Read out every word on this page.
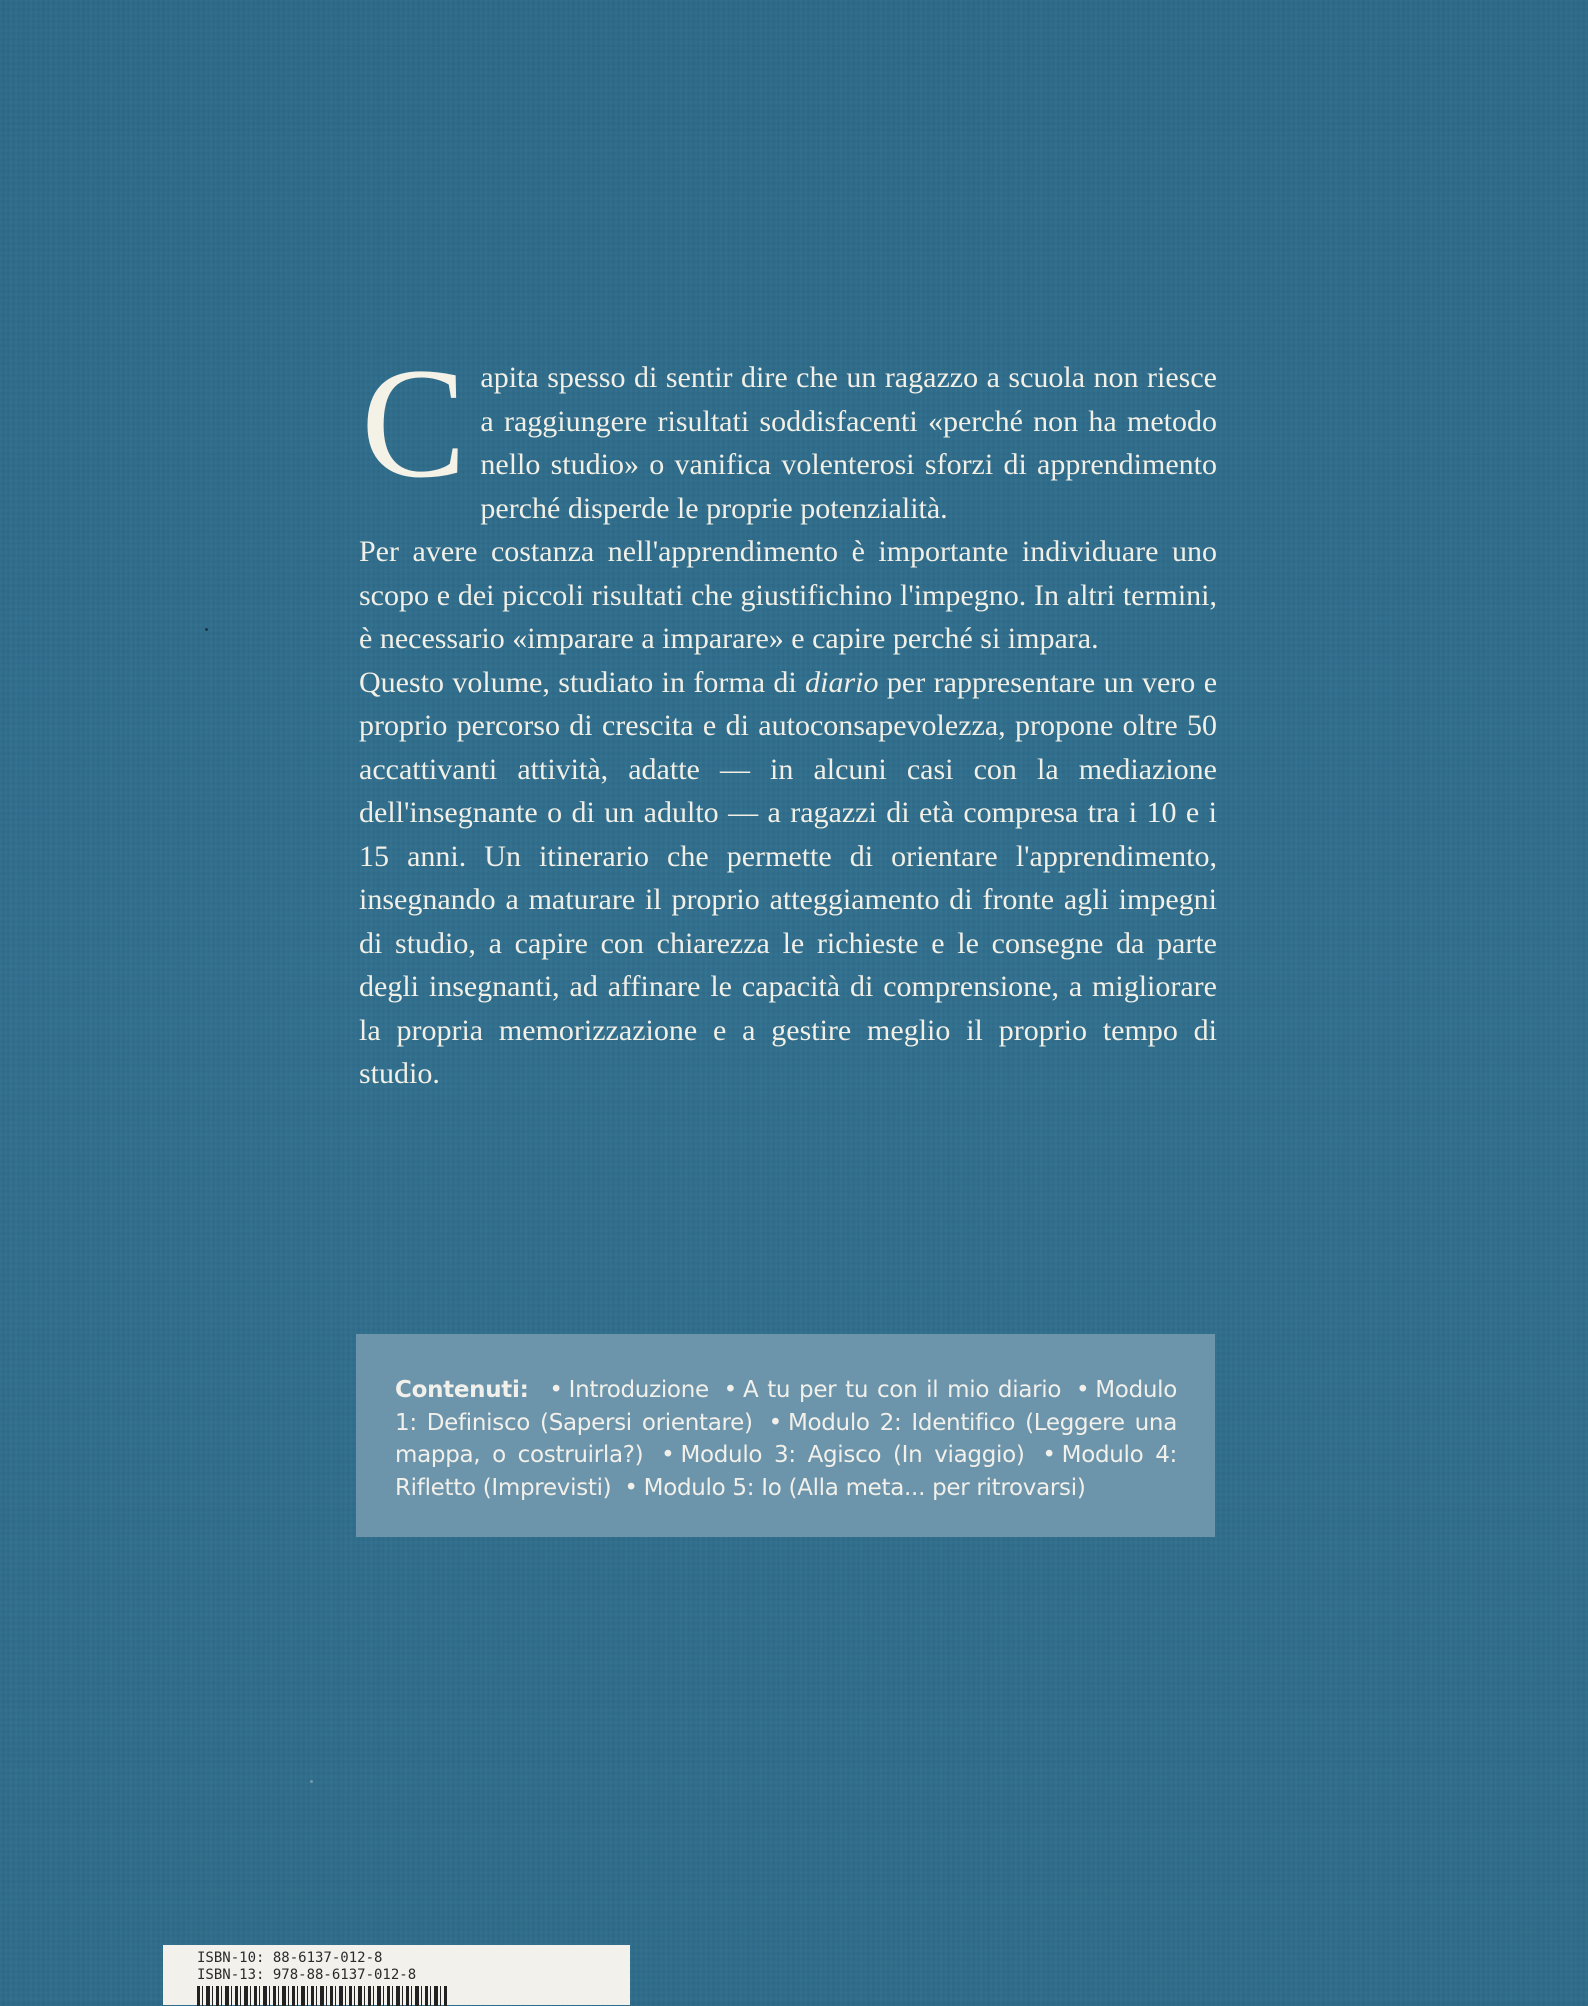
Capita spesso di sentir dire che un ragazzo a scuola non riesce a raggiungere risultati soddisfacenti «perché non ha metodo nello studio» o vanifica volenterosi sforzi di apprendimento perché disperde le proprie potenzialità.

Per avere costanza nell'apprendimento è importante individuare uno scopo e dei piccoli risultati che giustifichino l'impegno. In altri termini, è necessario «imparare a imparare» e capire perché si impara.

Questo volume, studiato in forma di diario per rappresentare un vero e proprio percorso di crescita e di autoconsapevolezza, propone oltre 50 accattivanti attività, adatte — in alcuni casi con la mediazione dell'insegnante o di un adulto — a ragazzi di età compresa tra i 10 e i 15 anni. Un itinerario che permette di orientare l'apprendimento, insegnando a maturare il proprio atteggiamento di fronte agli impegni di studio, a capire con chiarezza le richieste e le consegne da parte degli insegnanti, ad affinare le capacità di comprensione, a migliorare la propria memorizzazione e a gestire meglio il proprio tempo di studio.

Contenuti: • Introduzione • A tu per tu con il mio diario • Modulo 1: Definisco (Sapersi orientare) • Modulo 2: Identifico (Leggere una mappa, o costruirla?) • Modulo 3: Agisco (In viaggio) • Modulo 4: Rifletto (Imprevisti) • Modulo 5: Io (Alla meta... per ritrovarsi)
ISBN-10: 88-6137-012-8
ISBN-13: 978-88-6137-012-8
